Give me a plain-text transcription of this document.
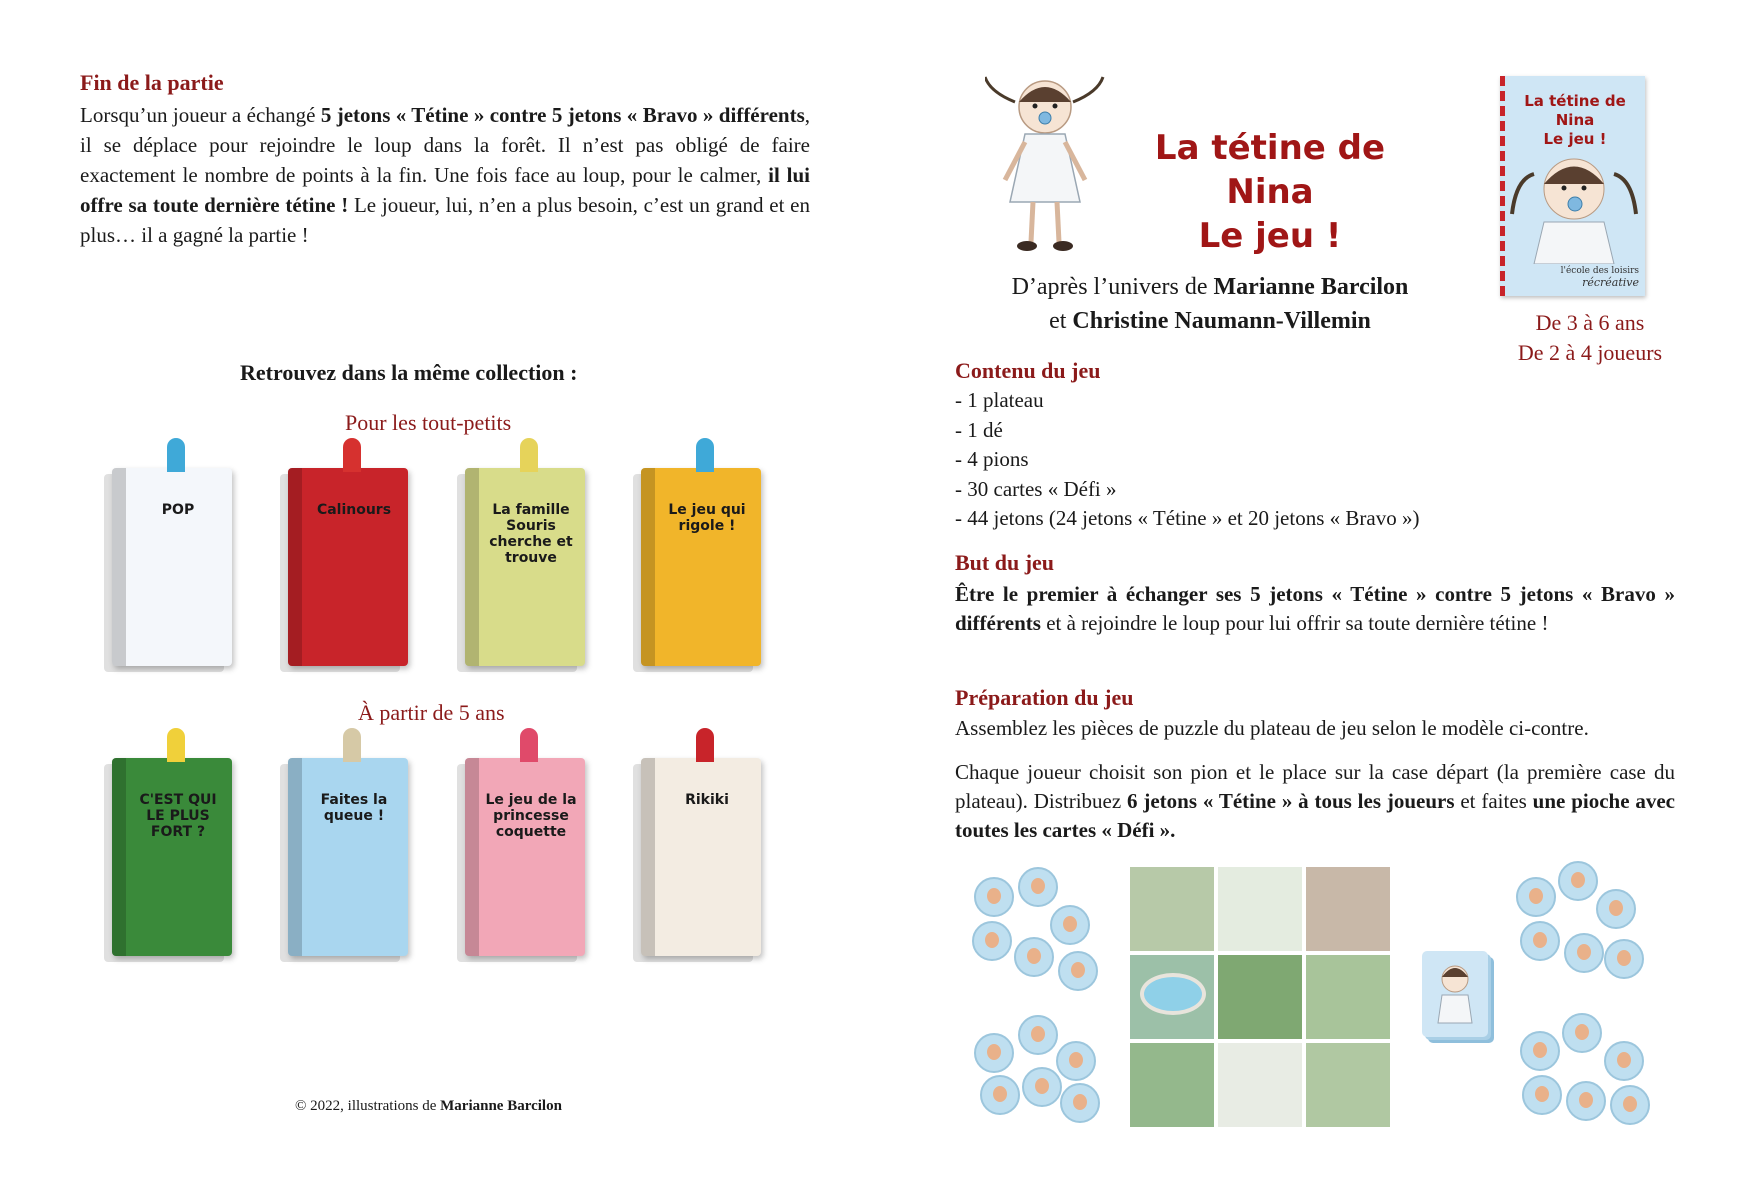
Fin de la partie
Lorsqu’un joueur a échangé 5 jetons « Tétine » contre 5 jetons « Bravo » différents, il se déplace pour rejoindre le loup dans la forêt. Il n’est pas obligé de faire exactement le nombre de points à la fin. Une fois face au loup, pour le calmer, il lui offre sa toute dernière tétine ! Le joueur, lui, n’en a plus besoin, c’est un grand et en plus… il a gagné la partie !
Retrouvez dans la même collection :
Pour les tout-petits
POP	Calinours	La famille Souris cherche et trouve
Le jeu qui rigole !
À partir de 5 ans
C'EST QUI LE PLUS FORT ?
Faites la queue !
Le jeu de la princesse coquette
Rikiki
© 2022, illustrations de Marianne Barcilon
La tétine de Nina
Le jeu !
La tétine de Nina
Le jeu !
l'école des loisirs
récréative
D’après l’univers de Marianne Barcilon
et Christine Naumann-Villemin	De 3 à 6 ans
De 2 à 4 joueurs
Contenu du jeu
- 1 plateau
- 1 dé
- 4 pions
- 30 cartes « Défi »
- 44 jetons (24 jetons « Tétine » et 20 jetons « Bravo »)
But du jeu
Être le premier à échanger ses 5 jetons « Tétine » contre 5 jetons « Bravo » différents et à rejoindre le loup pour lui offrir sa toute dernière tétine !
Préparation du jeu
Assemblez les pièces de puzzle du plateau de jeu selon le modèle ci-contre.
Chaque joueur choisit son pion et le place sur la case départ (la première case du plateau). Distribuez 6 jetons « Tétine » à tous les joueurs et faites une pioche avec toutes les cartes « Défi ».
